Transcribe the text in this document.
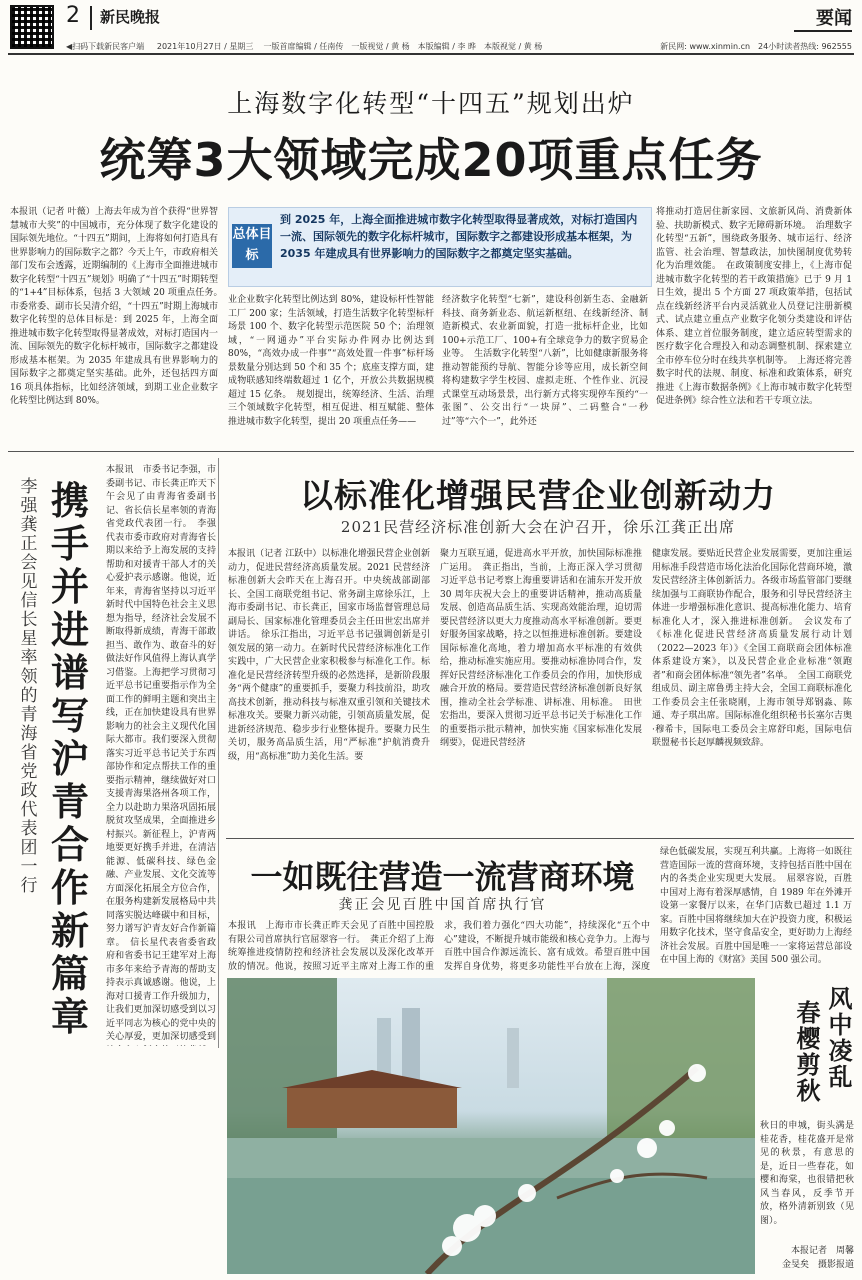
2 新民晚报	要闻
◀扫码下载新民客户端 2021年10月27日 / 星期三 一版首席编辑 / 任南传　一版视觉 / 黄 杨　本版编辑 / 李 晔　本版视觉 / 黄 杨	新民网: www.xinmin.cn　24小时读者热线: 962555
上海数字化转型“十四五”规划出炉
统筹3大领域完成20项重点任务
本报讯（记者 叶薇）上海去年成为首个获得“世界智慧城市大奖”的中国城市，充分体现了数字化建设的国际领先地位。“十四五”期间，上海将如何打造具有世界影响力的国际数字之都？今天上午，市政府相关部门发布会透露，近期编制的《上海市全面推进城市数字化转型“十四五”规划》明确了“十四五”时期转型的“1+4”目标体系，包括 3 大领域 20 项重点任务。　市委常委、副市长吴清介绍，“十四五”时期上海城市数字化转型的总体目标是：到 2025 年，上海全面推进城市数字化转型取得显著成效，对标打造国内一流、国际领先的数字化标杆城市，国际数字之都建设形成基本框架。为 2035 年建成具有世界影响力的国际数字之都奠定坚实基础。此外，还包括四方面 16 项具体指标，比如经济领域，到期工业企业数字化转型比例达到 80%。
总体目标
到 2025 年，上海全面推进城市数字化转型取得显著成效，对标打造国内一流、国际领先的数字化标杆城市，国际数字之都建设形成基本框架，为 2035 年建成具有世界影响力的国际数字之都奠定坚实基础。
业企业数字化转型比例达到 80%，建设标杆性智能工厂 200 家；生活领域，打造生活数字化转型标杆场景 100 个、数字化转型示范医院 50 个；治理领域，“一网通办”平台实际办件网办比例达到 80%，“高效办成一件事”“高效处置一件事”标杆场景数量分别达到 50 个和 35 个；底座支撑方面，建成物联感知终端数超过 1 亿个，开放公共数据规模超过 15 亿条。　规划提出，统筹经济、生活、治理三个领域数字化转型，相互促进、相互赋能、整体推进城市数字化转型，提出 20 项重点任务——
经济数字化转型“七新”，建设科创新生态、金融新科技、商务新业态、航运新枢纽、在线新经济、制造新模式、农业新面貌，打造一批标杆企业，比如 100+示范工厂、100+有全球竞争力的数字贸易企业等。　生活数字化转型“八新”，比如健康新服务将推动智能预约导航、智能分诊等应用，成长新空间将构建数字学生校园、虚拟走班、个性作业、沉浸式课堂互动场景景，出行新方式将实现停车预约“一张图”、公交出行“一块屏”、二码整合“一秒过”等“六个一”，此外还
将推动打造居住新家园、文旅新风尚、消费新体验、扶助新模式、数字无障碍新环境。　治理数字化转型“五新”，围绕政务服务、城市运行、经济监管、社会治理、智慧政法，加快图制度优势转化为治理效能。　在政策制度安排上，《上海市促进城市数字化转型的若干政策措施》已于 9 月 1 日生效，提出 5 个方面 27 项政策举措，包括试点在线新经济平台内灵活就业人员登记注册新模式、试点建立重点产业数字化领分类建设和评估体系、建立首位服务制度，建立适应转型需求的医疗数字化合理投入和动态调整机制、探索建立全市停车位分时在线共享机制等。　上海还将完善数字时代的法规、制度、标准和政策体系，研究推进《上海市数据条例》《上海市城市数字化转型促进条例》综合性立法和若干专项立法。
李强龚正会见信长星率领的青海省党政代表团一行
携手并进谱写沪青合作新篇章
本报讯　市委书记李强，市委副书记、市长龚正昨天下午会见了由青海省委副书记、省长信长星率领的青海省党政代表团一行。　李强代表市委市政府对青海省长期以来给予上海发展的支持帮助和对援青干部人才的关心爱护表示感谢。他说，近年来，青海省坚持以习近平新时代中国特色社会主义思想为指导，经济社会发展不断取得新成绩，青海干部敢担当、敢作为、敢奋斗的好做法好作风值得上海认真学习借鉴。上海把学习贯彻习近平总书记重要指示作为全面工作的鲜明主题和突出主线，正在加快建设具有世界影响力的社会主义现代化国际大都市。我们要深入贯彻落实习近平总书记关于东西部协作和定点帮扶工作的重要指示精神，继续做好对口支援青海果洛州各项工作，全力以赴助力果洛巩固拓展脱贫攻坚成果，全面推进乡村振兴。新征程上，沪青两地要更好携手并进，在清洁能源、低碳科技、绿色金融、产业发展、文化交流等方面深化拓展全方位合作，在服务构建新发展格局中共同落实脱达峰碳中和目标，努力谱写沪青友好合作新篇章。　信长星代表省委省政府和省委书记王建军对上海市多年来给予青海的帮助支持表示真诚感谢。他说，上海对口援青工作升级加力，让我们更加深切感受到以习近平同志为核心的党中央的关心厚爱，更加深切感受到　　
以标准化增强民营企业创新动力
2021民营经济标准创新大会在沪召开，徐乐江龚正出席
本报讯（记者 江跃中）以标准化增强民营企业创新动力，促进民营经济高质量发展。2021 民营经济标准创新大会昨天在上海召开。中央统战部副部长、全国工商联党组书记、常务副主席徐乐江，上海市委副书记、市长龚正，国家市场监督管理总局副局长、国家标准化管理委员会主任田世宏出席并讲话。　徐乐江指出，习近平总书记强调创新是引领发展的第一动力。在新时代民营经济标准化工作实践中，广大民营企业家积极参与标准化工作。标准化是民营经济转型升级的必然选择，是新阶段服务“两个健康”的重要抓手，要聚力科技前沿，助攻高技术创新，推动科技与标准双重引领和关键技术标准攻关。要聚力新兴动能，引领高质量发展，促进新经济规范、稳步步行业整体提升。要聚力民生关切，服务高品质生活，用“严标准”护航消费升级，用“高标准”助力美化生活。要
聚力互联互通，促进高水平开放，加快国际标准推广运用。　龚正指出，当前，上海正深入学习贯彻习近平总书记考察上海重要讲话和在浦东开发开放 30 周年庆祝大会上的重要讲话精神，推动高质量发展、创造高品质生活、实现高效能治理，迫切需要民营经济以更大力度推动高水平标准创新。要更好服务国家战略，持之以恒推进标准创新。要建设国际标准化高地，着力增加高水平标准的有效供给，推动标准实施应用。要推动标准协同合作，发挥好民营经济标准化工作委员会的作用，加快形成融合开放的格局。要营造民营经济标准创新良好氛围，推动全社会学标准、讲标准、用标准。　田世宏指出，要深入贯彻习近平总书记关于标准化工作的重要指示批示精神，加快实施《国家标准化发展纲要》，促进民营经济
健康发展。要贴近民营企业发展需要，更加注重运用标准手段营造市场化法治化国际化营商环境，激发民营经济主体创新活力。各级市场监管部门要继续加强与工商联协作配合，服务和引导民营经济主体进一步增强标准化意识、提高标准化能力、培育标准化人才，深入推进标准创新。　会议发布了《标准化促进民营经济高质量发展行动计划（2022—2023 年）》《全国工商联商会团体标准体系建设方案》，以及民营企业企业标准“领跑者”和商会团体标准“领先者”名单。　全国工商联党组成员、副主席鲁勇主持大会，全国工商联标准化工作委员会主任张晓刚，上海市领导郑钢淼、陈通、寿子琪出席。国际标准化组织秘书长塞尔吉奥·穆希卡，国际电工委员会主席舒印彪，国际电信联盟秘书长赵厚麟视频致辞。
一如既往营造一流营商环境
龚正会见百胜中国首席执行官
本报讯　上海市市长龚正昨天会见了百胜中国控股有限公司首席执行官屈翠容一行。　龚正介绍了上海统筹推进疫情防控和经济社会发展以及深化改革开放的情况。他说，按照习近平主席对上海工作的重
求，我们着力强化“四大功能”，持续深化“五个中心”建设，不断提升城市能级和核心竞争力。上海与百胜中国合作源远流长、富有成效。希望百胜中国发挥自身优势，将更多功能性平台放在上海，深度
绿色低碳发展，实现互利共赢。上海将一如既往营造国际一流的营商环境，支持包括百胜中国在内的各类企业实现更大发展。　屈翠容说，百胜中国对上海有着深厚感情，自 1989 年在外滩开设第一家餐厅以来，在华门店数已超过 1.1 万家。百胜中国将继续加大在沪投资力度，积极运用数字化技术，坚守食品安全，更好助力上海经济社会发展。百胜中国是唯一一家将运营总部设在中国上海的《财富》美国 500 强公司。
风中凌乱
春樱剪秋
秋日的申城，街头满是桂花香，桂花盛开是常见的秋景，有意思的是，近日一些春花，如樱和海棠，也很错把秋风当春风，反季节开放，格外清新别致（见图）。
本报记者　周馨
金旻矣　摄影报道
